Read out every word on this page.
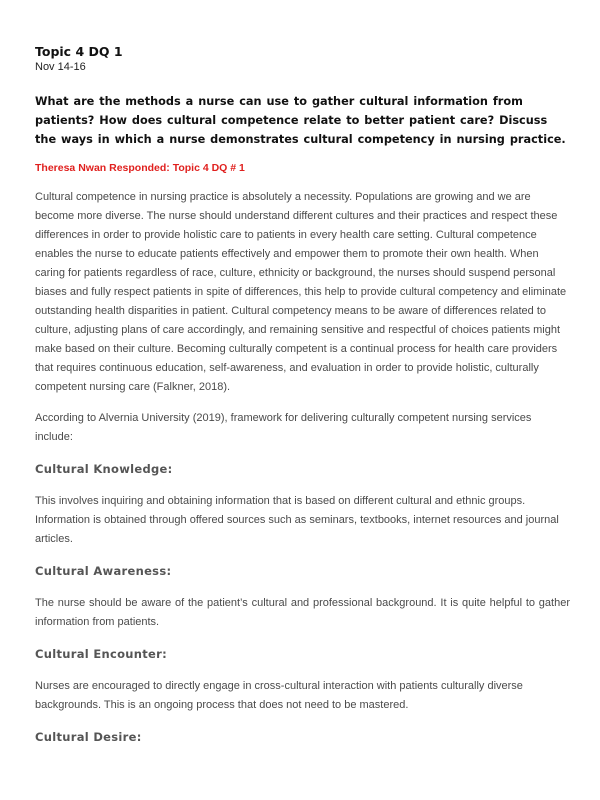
Topic 4 DQ 1

Nov 14-16

What are the methods a nurse can use to gather cultural information from patients? How does cultural competence relate to better patient care? Discuss the ways in which a nurse demonstrates cultural competency in nursing practice.

Theresa Nwan Responded: Topic 4 DQ # 1

Cultural competence in nursing practice is absolutely a necessity. Populations are growing and we are become more diverse. The nurse should understand different cultures and their practices and respect these differences in order to provide holistic care to patients in every health care setting. Cultural competence enables the nurse to educate patients effectively and empower them to promote their own health. When caring for patients regardless of race, culture, ethnicity or background, the nurses should suspend personal biases and fully respect patients in spite of differences, this help to provide cultural competency and eliminate outstanding health disparities in patient. Cultural competency means to be aware of differences related to culture, adjusting plans of care accordingly, and remaining sensitive and respectful of choices patients might make based on their culture. Becoming culturally competent is a continual process for health care providers that requires continuous education, self-awareness, and evaluation in order to provide holistic, culturally competent nursing care (Falkner, 2018).

According to Alvernia University (2019), framework for delivering culturally competent nursing services include:

Cultural Knowledge:

This involves inquiring and obtaining information that is based on different cultural and ethnic groups. Information is obtained through offered sources such as seminars, textbooks, internet resources and journal articles.

Cultural Awareness:

The nurse should be aware of the patient’s cultural and professional background. It is quite helpful to gather information from patients.

Cultural Encounter:

Nurses are encouraged to directly engage in cross-cultural interaction with patients culturally diverse backgrounds. This is an ongoing process that does not need to be mastered.

Cultural Desire:
